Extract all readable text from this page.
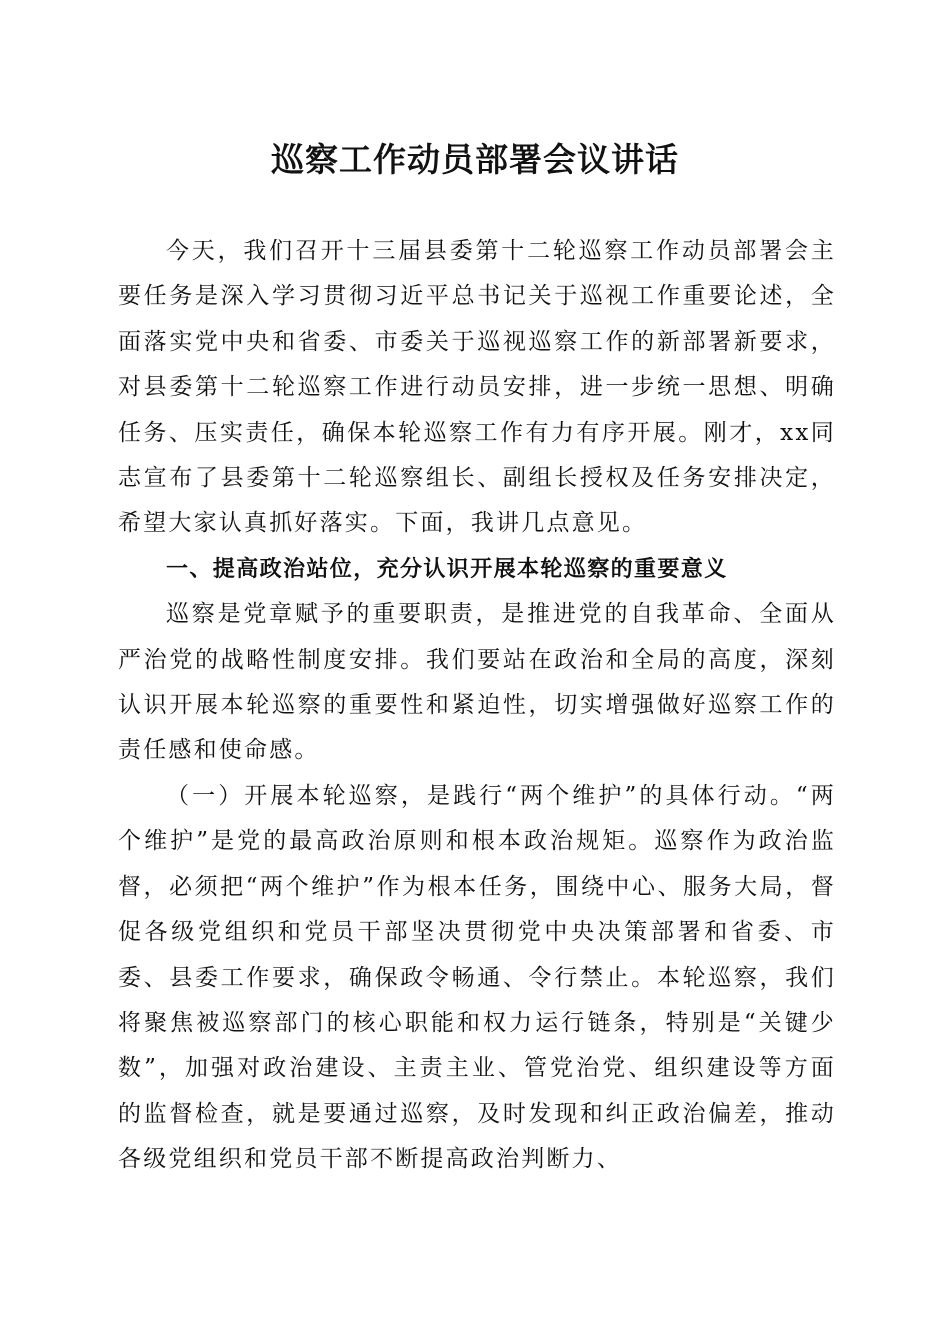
巡察工作动员部署会议讲话

今天，我们召开十三届县委第十二轮巡察工作动员部署会主要任务是深入学习贯彻习近平总书记关于巡视工作重要论述，全面落实党中央和省委、市委关于巡视巡察工作的新部署新要求，对县委第十二轮巡察工作进行动员安排，进一步统一思想、明确任务、压实责任，确保本轮巡察工作有力有序开展。刚才，xx同志宣布了县委第十二轮巡察组长、副组长授权及任务安排决定，希望大家认真抓好落实。下面，我讲几点意见。

一、提高政治站位，充分认识开展本轮巡察的重要意义

巡察是党章赋予的重要职责，是推进党的自我革命、全面从严治党的战略性制度安排。我们要站在政治和全局的高度，深刻认识开展本轮巡察的重要性和紧迫性，切实增强做好巡察工作的责任感和使命感。

（一）开展本轮巡察，是践行“两个维护”的具体行动。“两个维护”是党的最高政治原则和根本政治规矩。巡察作为政治监督，必须把“两个维护”作为根本任务，围绕中心、服务大局，督促各级党组织和党员干部坚决贯彻党中央决策部署和省委、市委、县委工作要求，确保政令畅通、令行禁止。本轮巡察，我们将聚焦被巡察部门的核心职能和权力运行链条，特别是“关键少数”，加强对政治建设、主责主业、管党治党、组织建设等方面的监督检查，就是要通过巡察，及时发现和纠正政治偏差，推动各级党组织和党员干部不断提高政治判断力、
